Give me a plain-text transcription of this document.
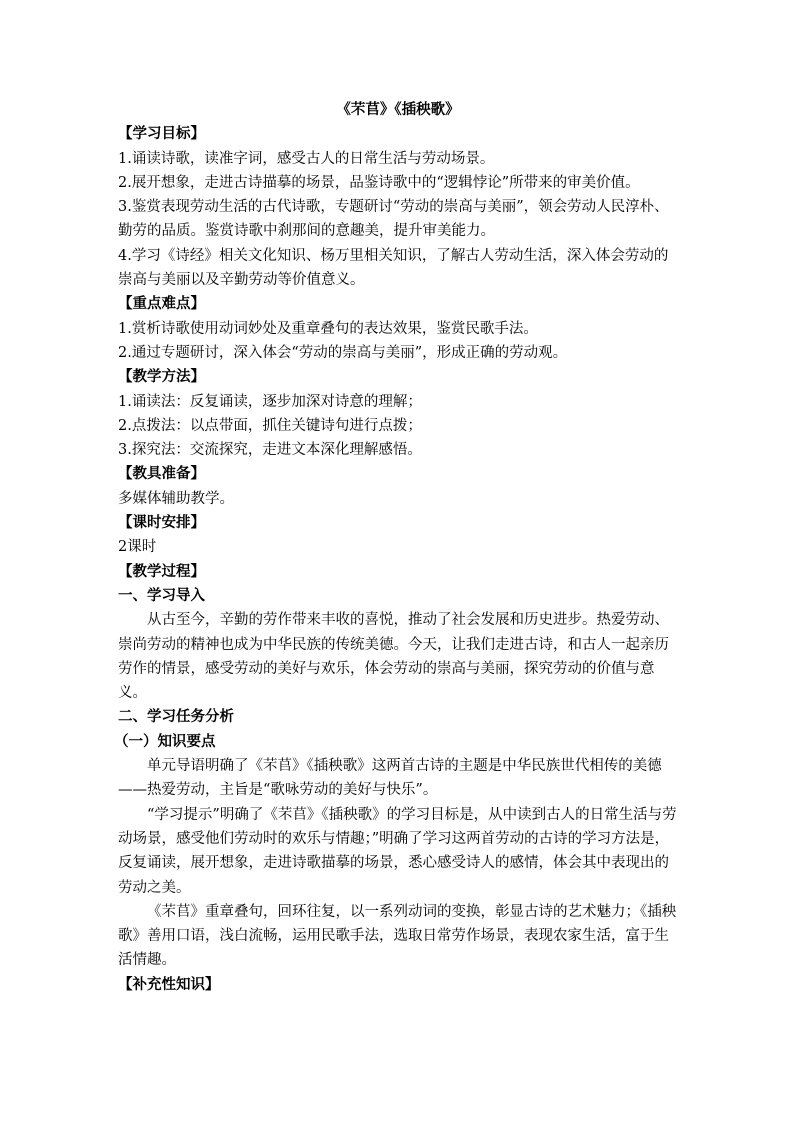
《芣苢》《插秧歌》
【学习目标】

1.诵读诗歌，读准字词，感受古人的日常生活与劳动场景。

2.展开想象，走进古诗描摹的场景，品鉴诗歌中的“逻辑悖论”所带来的审美价值。

3.鉴赏表现劳动生活的古代诗歌，专题研讨“劳动的崇高与美丽”，领会劳动人民淳朴、勤劳的品质。鉴赏诗歌中刹那间的意趣美，提升审美能力。

4.学习《诗经》相关文化知识、杨万里相关知识，了解古人劳动生活，深入体会劳动的崇高与美丽以及辛勤劳动等价值意义。

【重点难点】

1.赏析诗歌使用动词妙处及重章叠句的表达效果，鉴赏民歌手法。

2.通过专题研讨，深入体会“劳动的崇高与美丽”，形成正确的劳动观。

【教学方法】

1.诵读法：反复诵读，逐步加深对诗意的理解；

2.点拨法：以点带面，抓住关键诗句进行点拨；

3.探究法：交流探究，走进文本深化理解感悟。

【教具准备】

多媒体辅助教学。

【课时安排】

2课时

【教学过程】
一、学习导入

从古至今，辛勤的劳作带来丰收的喜悦，推动了社会发展和历史进步。热爱劳动、崇尚劳动的精神也成为中华民族的传统美德。今天，让我们走进古诗，和古人一起亲历劳作的情景，感受劳动的美好与欢乐，体会劳动的崇高与美丽，探究劳动的价值与意义。

二、学习任务分析
（一）知识要点

单元导语明确了《芣苢》《插秧歌》这两首古诗的主题是中华民族世代相传的美德——热爱劳动，主旨是“歌咏劳动的美好与快乐”。

“学习提示”明确了《芣苢》《插秧歌》的学习目标是，从中读到古人的日常生活与劳动场景，感受他们劳动时的欢乐与情趣；”明确了学习这两首劳动的古诗的学习方法是，反复诵读，展开想象，走进诗歌描摹的场景，悉心感受诗人的感情，体会其中表现出的劳动之美。

《芣苢》重章叠句，回环往复，以一系列动词的变换，彰显古诗的艺术魅力；《插秧歌》善用口语，浅白流畅，运用民歌手法，选取日常劳作场景，表现农家生活，富于生活情趣。

【补充性知识】
